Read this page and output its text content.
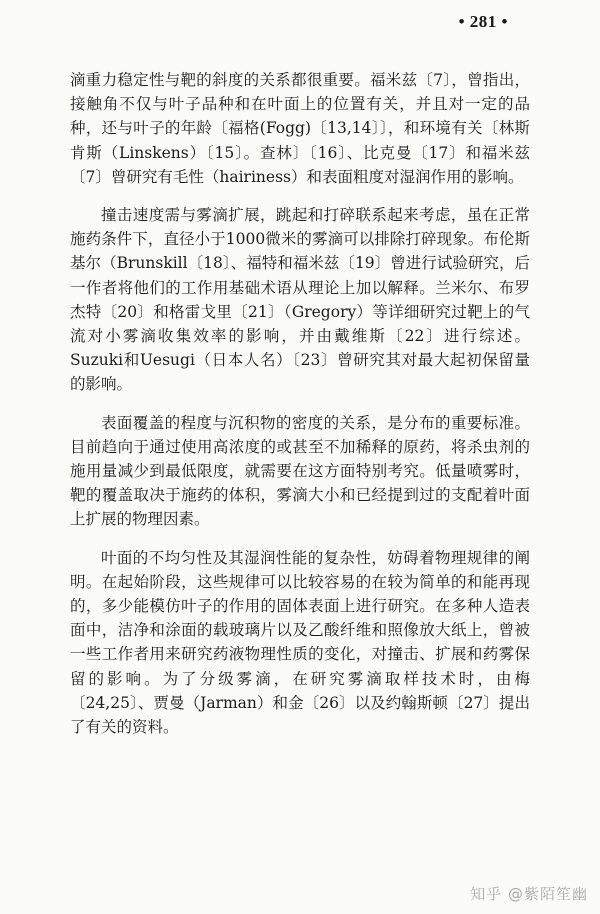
• 281 •

滴重力稳定性与靶的斜度的关系都很重要。福米兹〔7〕，曾指出，接触角不仅与叶子品种和在叶面上的位置有关，并且对一定的品种，还与叶子的年龄〔福格(Fogg)〔13,14〕〕，和环境有关〔林斯肯斯（Linskens）〔15〕。查林〕〔16〕、比克曼〔17〕和福米兹〔7〕曾研究有毛性（hairiness）和表面粗度对湿润作用的影响。

撞击速度需与雾滴扩展，跳起和打碎联系起来考虑，虽在正常施药条件下，直径小于1000微米的雾滴可以排除打碎现象。布伦斯基尔（Brunskill〔18〕、福特和福米兹〔19〕曾进行试验研究，后一作者将他们的工作用基础术语从理论上加以解释。兰米尔、布罗杰特〔20〕和格雷戈里〔21〕（Gregory）等详细研究过靶上的气流对小雾滴收集效率的影响，并由戴维斯〔22〕进行综述。Suzuki和Uesugi（日本人名）〔23〕曾研究其对最大起初保留量的影响。

表面覆盖的程度与沉积物的密度的关系，是分布的重要标准。目前趋向于通过使用高浓度的或甚至不加稀释的原药，将杀虫剂的施用量减少到最低限度，就需要在这方面特别考究。低量喷雾时，靶的覆盖取决于施药的体积，雾滴大小和已经提到过的支配着叶面上扩展的物理因素。

叶面的不均匀性及其湿润性能的复杂性，妨碍着物理规律的阐明。在起始阶段，这些规律可以比较容易的在较为简单的和能再现的，多少能模仿叶子的作用的固体表面上进行研究。在多种人造表面中，洁净和涂面的载玻璃片以及乙酸纤维和照像放大纸上，曾被一些工作者用来研究药液物理性质的变化，对撞击、扩展和药雾保留的影响。为了分级雾滴，在研究雾滴取样技术时，由梅〔24,25〕、贾曼（Jarman）和金〔26〕以及约翰斯顿〔27〕提出了有关的资料。

知乎 @紫陌笙幽
